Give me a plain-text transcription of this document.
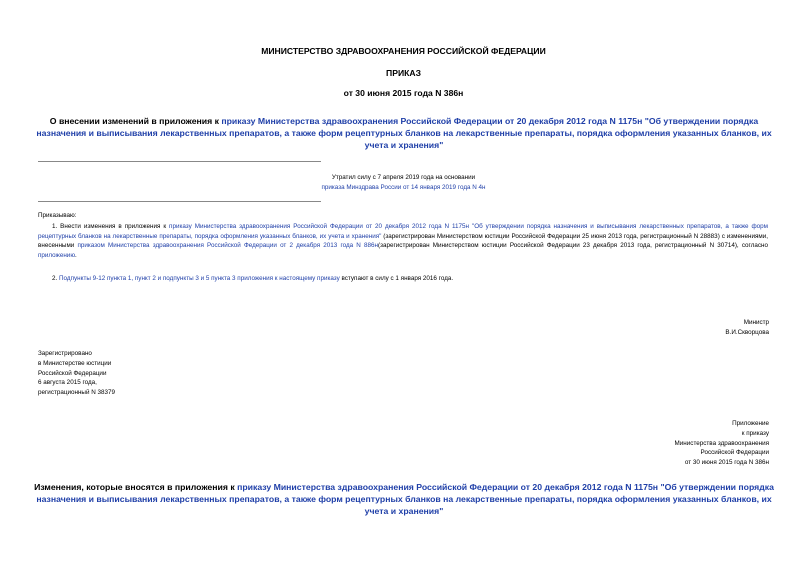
МИНИСТЕРСТВО ЗДРАВООХРАНЕНИЯ РОССИЙСКОЙ ФЕДЕРАЦИИ
ПРИКАЗ
от 30 июня 2015 года N 386н
О внесении изменений в приложения к приказу Министерства здравоохранения Российской Федерации от 20 декабря 2012 года N 1175н "Об утверждении порядка назначения и выписывания лекарственных препаратов, а также форм рецептурных бланков на лекарственные препараты, порядка оформления указанных бланков, их учета и хранения"
Утратил силу с 7 апреля 2019 года на основании
приказа Минздрава России от 14 января 2019 года N 4н
Приказываю:
1. Внести изменения в приложения к приказу Министерства здравоохранения Российской Федерации от 20 декабря 2012 года N 1175н "Об утверждении порядка назначения и выписывания лекарственных препаратов, а также форм рецептурных бланков на лекарственные препараты, порядка оформления указанных бланков, их учета и хранения" (зарегистрирован Министерством юстиции Российской Федерации 25 июня 2013 года, регистрационный N 28883) с изменениями, внесенными приказом Министерства здравоохранения Российской Федерации от 2 декабря 2013 года N 886н(зарегистрирован Министерством юстиции Российской Федерации 23 декабря 2013 года, регистрационный N 30714), согласно приложению.
2. Подпункты 9-12 пункта 1, пункт 2 и подпункты 3 и 5 пункта 3 приложения к настоящему приказу вступают в силу с 1 января 2016 года.
Министр
В.И.Скворцова
Зарегистрировано
в Министерстве юстиции
Российской Федерации
6 августа 2015 года,
регистрационный N 38379
Приложение
к приказу
Министерства здравоохранения
Российской Федерации
от 30 июня 2015 года N 386н
Изменения, которые вносятся в приложения к приказу Министерства здравоохранения Российской Федерации от 20 декабря 2012 года N 1175н "Об утверждении порядка назначения и выписывания лекарственных препаратов, а также форм рецептурных бланков на лекарственные препараты, порядка оформления указанных бланков, их учета и хранения"
